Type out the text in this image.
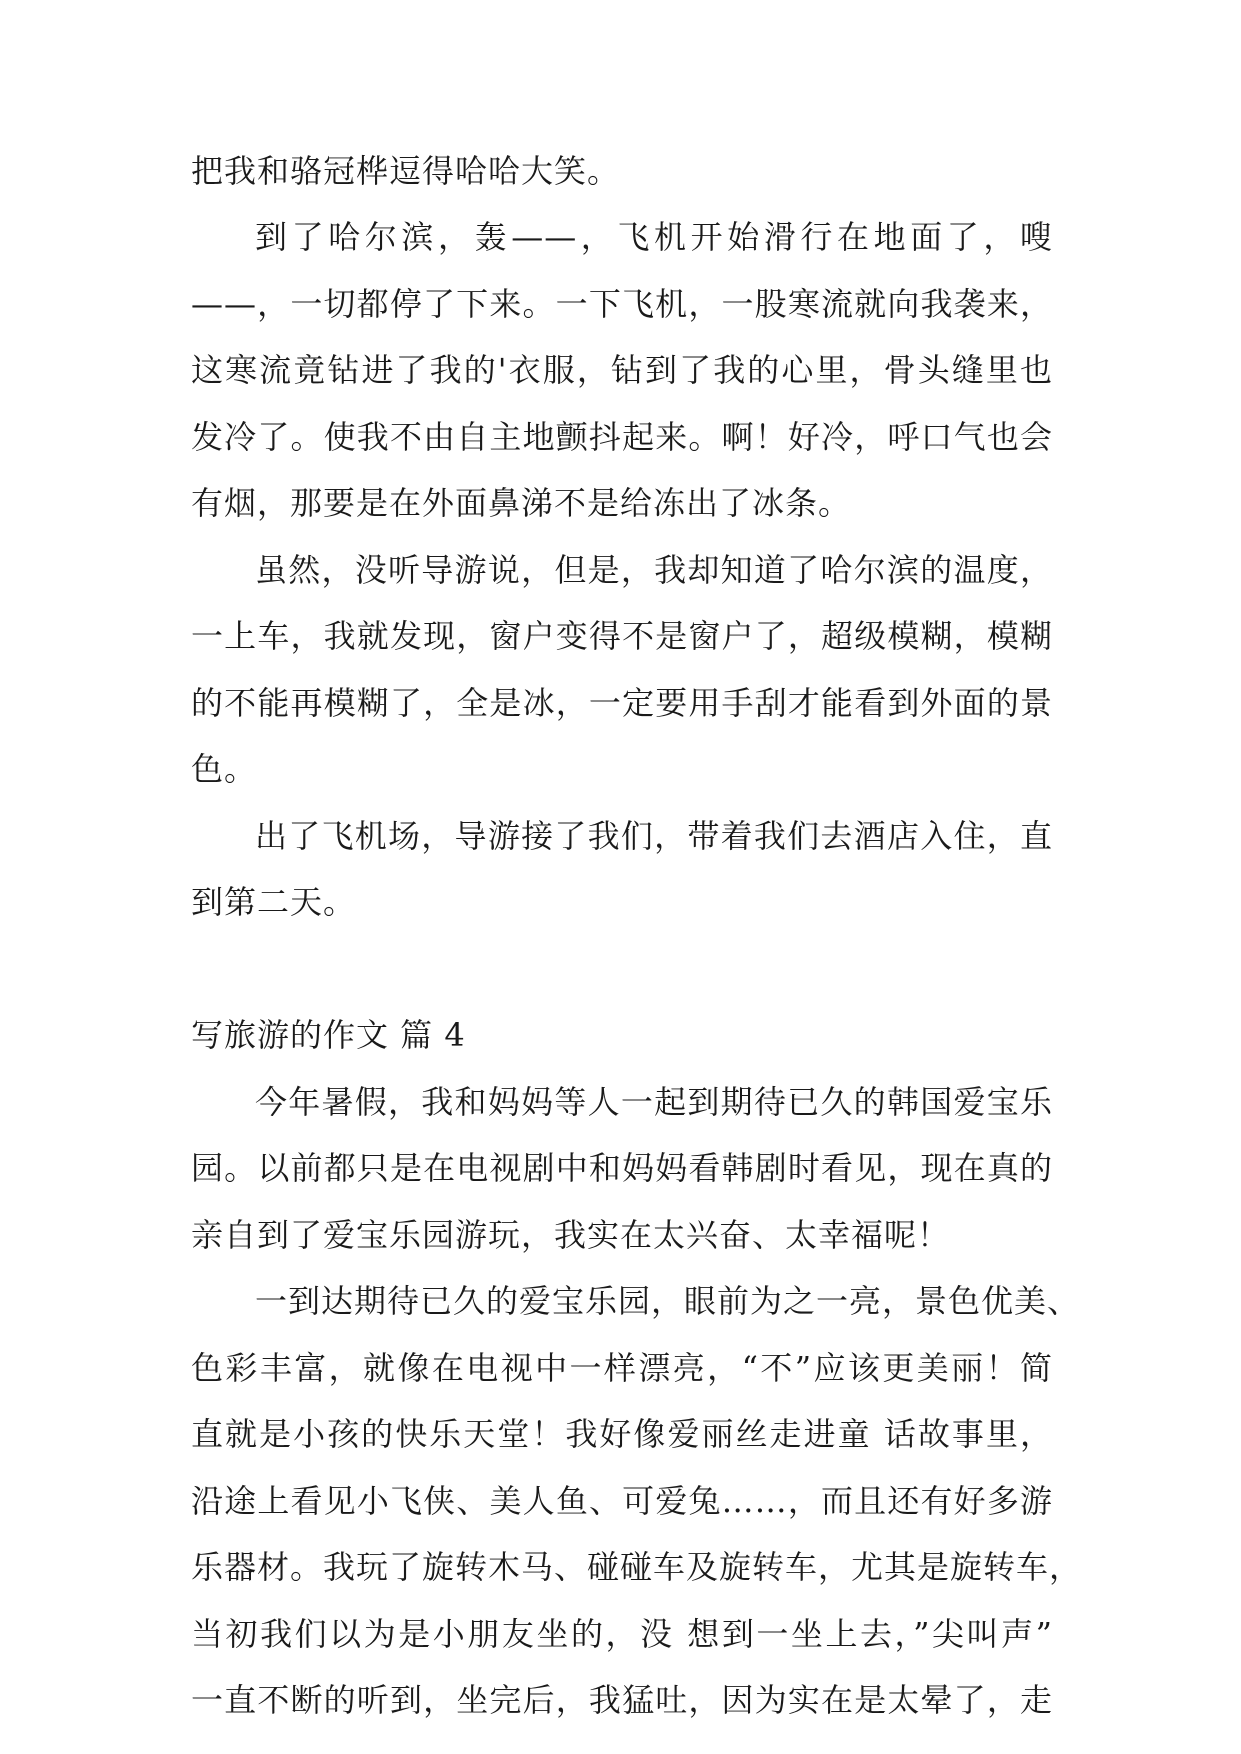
把我和骆冠桦逗得哈哈大笑。
到了哈尔滨，轰——，飞机开始滑行在地面了，嗖
——，一切都停了下来。一下飞机，一股寒流就向我袭来，
这寒流竟钻进了我的'衣服，钻到了我的心里，骨头缝里也
发冷了。使我不由自主地颤抖起来。啊！好冷，呼口气也会
有烟，那要是在外面鼻涕不是给冻出了冰条。
虽然，没听导游说，但是，我却知道了哈尔滨的温度，
一上车，我就发现，窗户变得不是窗户了，超级模糊，模糊
的不能再模糊了，全是冰，一定要用手刮才能看到外面的景
色。
出了飞机场，导游接了我们，带着我们去酒店入住，直
到第二天。
写旅游的作文 篇 4
今年暑假，我和妈妈等人一起到期待已久的韩国爱宝乐
园。以前都只是在电视剧中和妈妈看韩剧时看见，现在真的
亲自到了爱宝乐园游玩，我实在太兴奋、太幸福呢！
一到达期待已久的爱宝乐园，眼前为之一亮，景色优美、
色彩丰富，就像在电视中一样漂亮，“不”应该更美丽！简
直就是小孩的快乐天堂！我好像爱丽丝走进童 话故事里，
沿途上看见小飞侠、美人鱼、可爱兔……，而且还有好多游
乐器材。我玩了旋转木马、碰碰车及旋转车，尤其是旋转车，
当初我们以为是小朋友坐的，没 想到一坐上去，”尖叫声”
一直不断的听到，坐完后，我猛吐，因为实在是太晕了，走
